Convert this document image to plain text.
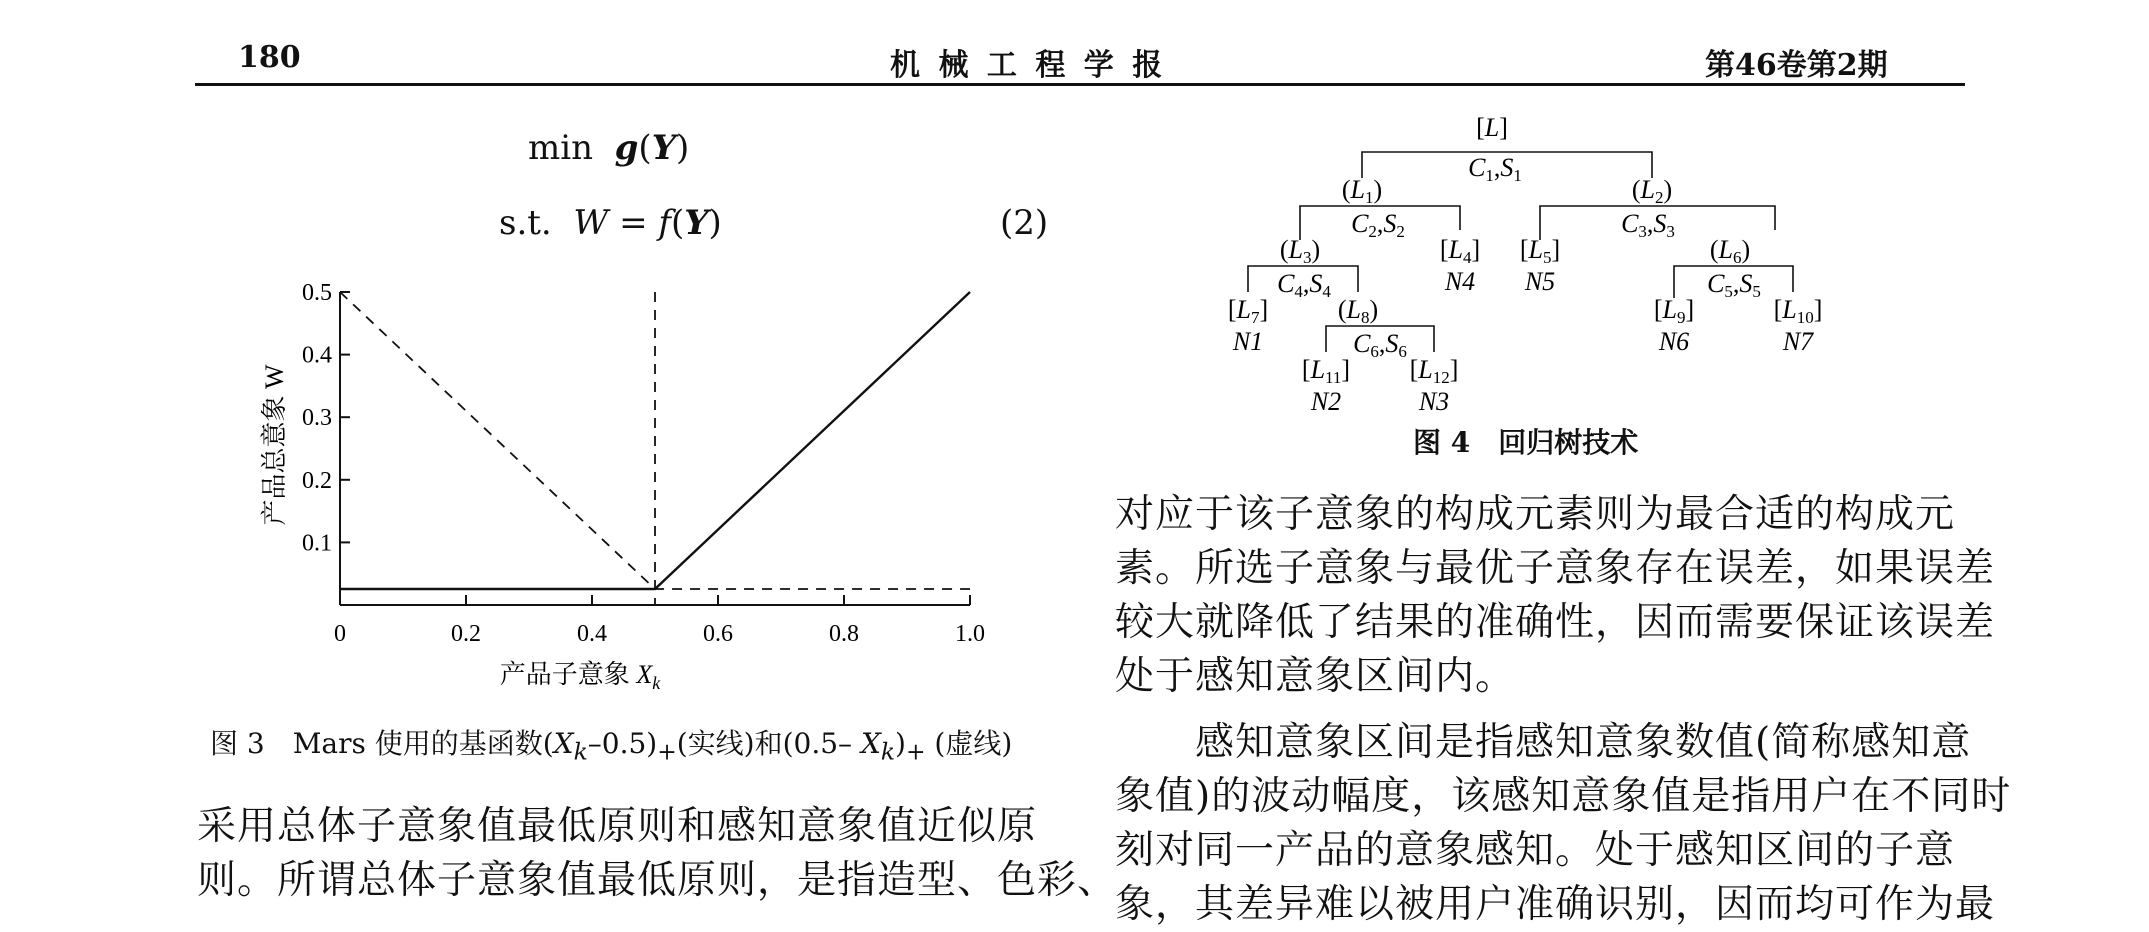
180	机 械 工 程 学 报	第46卷第2期
min  g(Y)
s.t.  W = f(Y)	(2)
0.1
0.2
0.3
0.4
0.5
0	0.2	0.4	0.6	0.8	1.0
产品总意象 W
产品子意象 $X_k$
图 3　Mars 使用的基函数$(X_k-0.5)_+$(实线)和(0.5– $X_k)_+$ (虚线)
[L]
C1,S1
(L1)
C2,S2
(L2)
C3,S3
(L3)
C4,S4
[L4]
N4
[L5]
N5
(L6)
C5,S5
[L7]
N1
(L8)
C6,S6
[L9]
N6
[L10]
N7
[L11]
N2
[L12]
N3
图 4　回归树技术
采用总体子意象值最低原则和感知意象值近似原
则。所谓总体子意象值最低原则，是指造型、色彩、
对应于该子意象的构成元素则为最合适的构成元
素。所选子意象与最优子意象存在误差，如果误差
较大就降低了结果的准确性，因而需要保证该误差
处于感知意象区间内。
感知意象区间是指感知意象数值(简称感知意
象值)的波动幅度，该感知意象值是指用户在不同时
刻对同一产品的意象感知。处于感知区间的子意
象，其差异难以被用户准确识别，因而均可作为最
